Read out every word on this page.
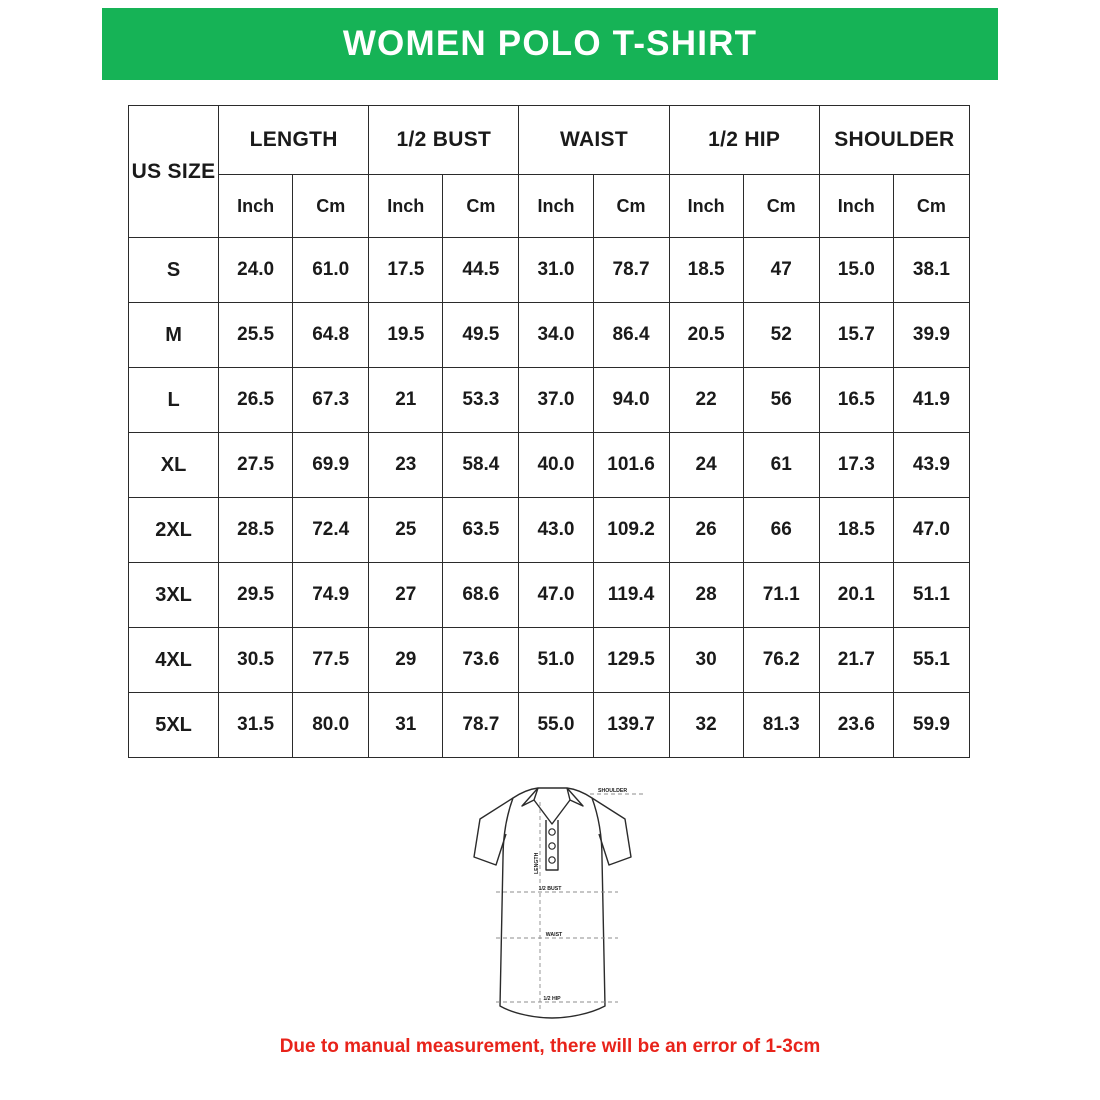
WOMEN POLO T-SHIRT
US SIZE	LENGTH		1/2 BUST		WAIST		1/2 HIP		SHOULDER	
	Inch	Cm	Inch	Cm	Inch	Cm	Inch	Cm	Inch	Cm
S	24.0	61.0	17.5	44.5	31.0	78.7	18.5	47	15.0	38.1
M	25.5	64.8	19.5	49.5	34.0	86.4	20.5	52	15.7	39.9
L	26.5	67.3	21	53.3	37.0	94.0	22	56	16.5	41.9
XL	27.5	69.9	23	58.4	40.0	101.6	24	61	17.3	43.9
2XL	28.5	72.4	25	63.5	43.0	109.2	26	66	18.5	47.0
3XL	29.5	74.9	27	68.6	47.0	119.4	28	71.1	20.1	51.1
4XL	30.5	77.5	29	73.6	51.0	129.5	30	76.2	21.7	55.1
5XL	31.5	80.0	31	78.7	55.0	139.7	32	81.3	23.6	59.9
SHOULDER
LENGTH
1/2 BUST
WAIST
1/2 HIP
Due to manual measurement, there will be an error of 1-3cm
